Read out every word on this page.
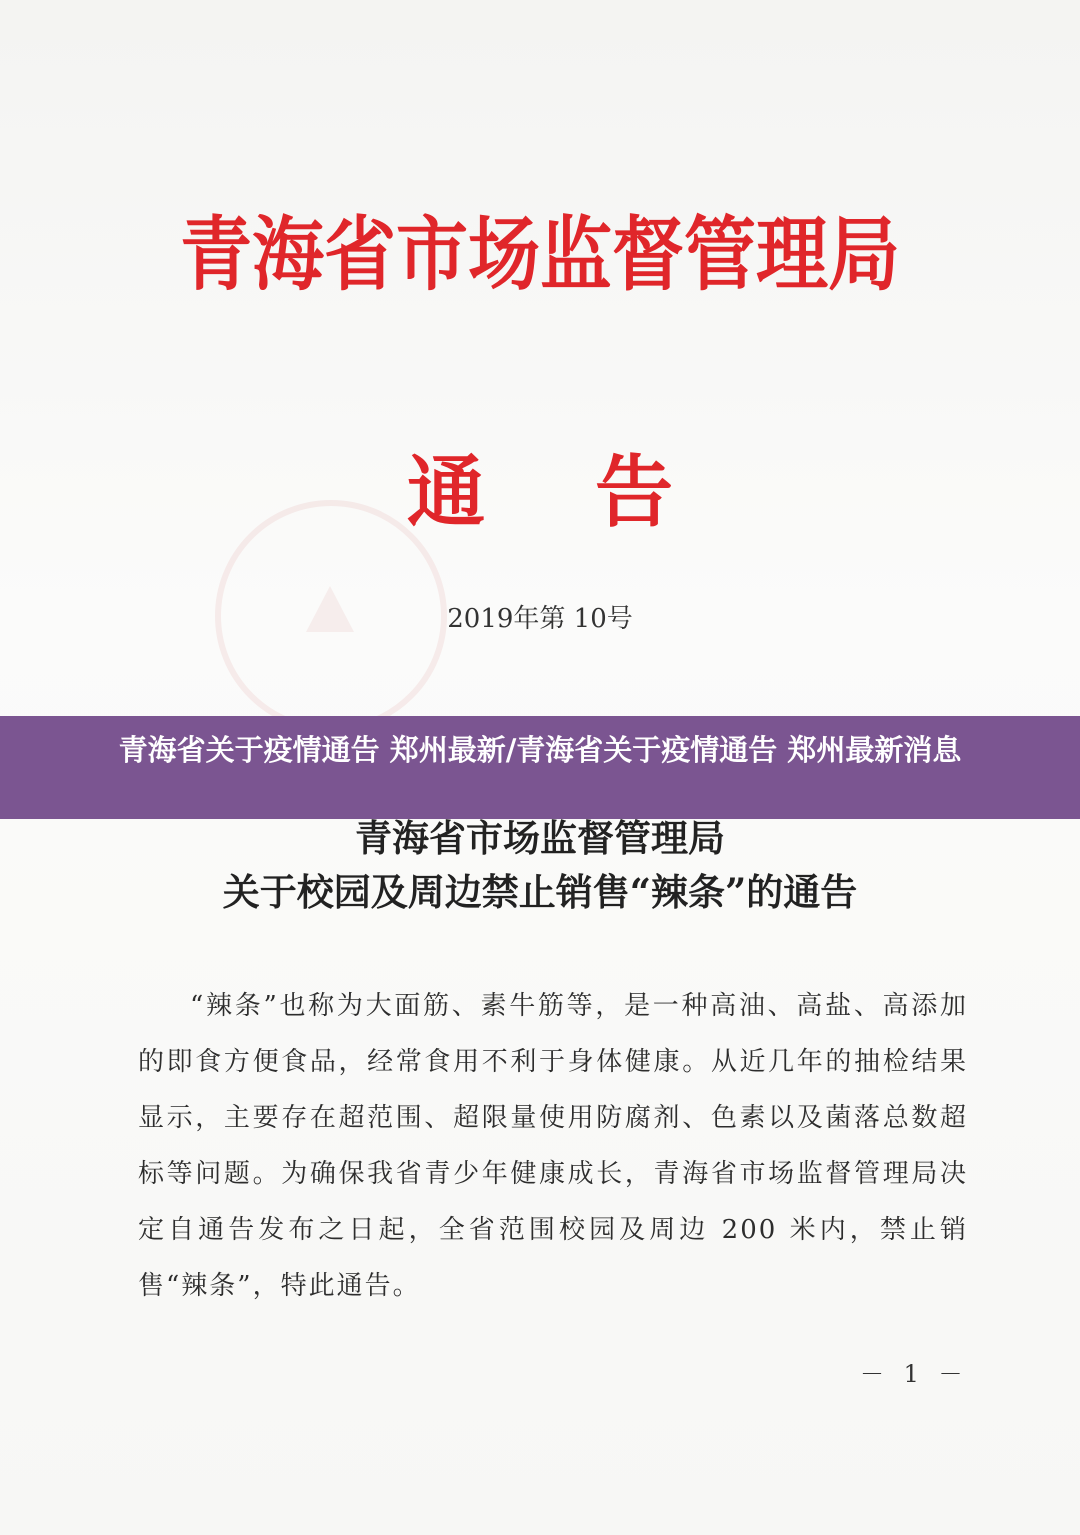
青海省市场监督管理局
通告
2019年第 10号
青海省关于疫情通告 郑州最新/青海省关于疫情通告 郑州最新消息
青海省市场监督管理局
关于校园及周边禁止销售“辣条”的通告
“辣条”也称为大面筋、素牛筋等，是一种高油、高盐、高添加的即食方便食品，经常食用不利于身体健康。从近几年的抽检结果显示，主要存在超范围、超限量使用防腐剂、色素以及菌落总数超标等问题。为确保我省青少年健康成长，青海省市场监督管理局决定自通告发布之日起，全省范围校园及周边 200 米内，禁止销售“辣条”，特此通告。
－ 1 －
